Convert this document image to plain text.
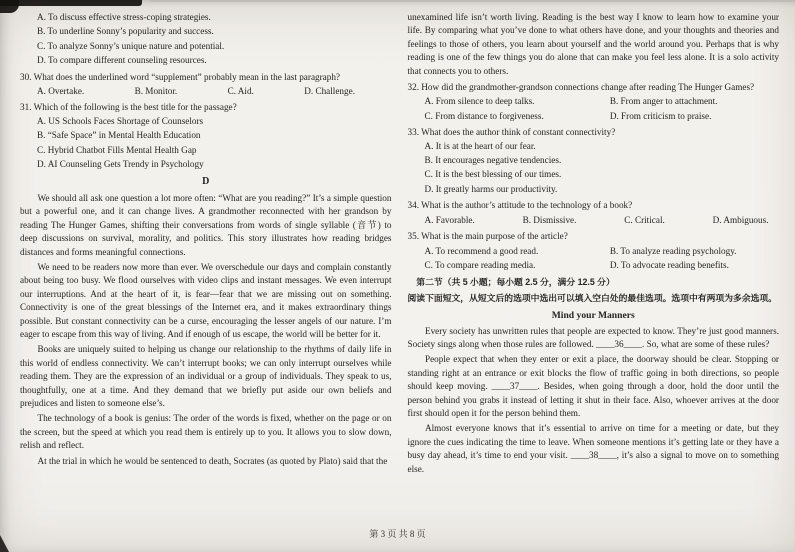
A. To discuss effective stress-coping strategies.
B. To underline Sonny’s popularity and success.
C. To analyze Sonny’s unique nature and potential.
D. To compare different counseling resources.
30. What does the underlined word “supplement” probably mean in the last paragraph?
A. Overtake.	B. Monitor.	C. Aid.	D. Challenge.
31. Which of the following is the best title for the passage?
A. US Schools Faces Shortage of Counselors
B. “Safe Space” in Mental Health Education
C. Hybrid Chatbot Fills Mental Health Gap
D. AI Counseling Gets Trendy in Psychology
D

We should all ask one question a lot more often: “What are you reading?” It’s a simple question but a powerful one, and it can change lives. A grandmother reconnected with her grandson by reading The Hunger Games, shifting their conversations from words of single syllable (音节) to deep discussions on survival, morality, and politics. This story illustrates how reading bridges distances and forms meaningful connections.

We need to be readers now more than ever. We overschedule our days and complain constantly about being too busy. We flood ourselves with video clips and instant messages. We even interrupt our interruptions. And at the heart of it, is fear—fear that we are missing out on something. Connectivity is one of the great blessings of the Internet era, and it makes extraordinary things possible. But constant connectivity can be a curse, encouraging the lesser angels of our nature. I’m eager to escape from this way of living. And if enough of us escape, the world will be better for it.

Books are uniquely suited to helping us change our relationship to the rhythms of daily life in this world of endless connectivity. We can’t interrupt books; we can only interrupt ourselves while reading them. They are the expression of an individual or a group of individuals. They speak to us, thoughtfully, one at a time. And they demand that we briefly put aside our own beliefs and prejudices and listen to someone else’s.

The technology of a book is genius: The order of the words is fixed, whether on the page or on the screen, but the speed at which you read them is entirely up to you. It allows you to slow down, relish and reflect.

At the trial in which he would be sentenced to death, Socrates (as quoted by Plato) said that the

unexamined life isn’t worth living. Reading is the best way I know to learn how to examine your life. By comparing what you’ve done to what others have done, and your thoughts and theories and feelings to those of others, you learn about yourself and the world around you. Perhaps that is why reading is one of the few things you do alone that can make you feel less alone. It is a solo activity that connects you to others.

32. How did the grandmother-grandson connections change after reading The Hunger Games?
A. From silence to deep talks.	B. From anger to attachment.
C. From distance to forgiveness.	D. From criticism to praise.
33. What does the author think of constant connectivity?
A. It is at the heart of our fear.
B. It encourages negative tendencies.
C. It is the best blessing of our times.
D. It greatly harms our productivity.
34. What is the author’s attitude to the technology of a book?
A. Favorable.	B. Dismissive.	C. Critical.	D. Ambiguous.
35. What is the main purpose of the article?
A. To recommend a good read.	B. To analyze reading psychology.
C. To compare reading media.	D. To advocate reading benefits.
第二节（共 5 小题；每小题 2.5 分，满分 12.5 分）
阅读下面短文，从短文后的选项中选出可以填入空白处的最佳选项。选项中有两项为多余选项。
Mind your Manners

Every society has unwritten rules that people are expected to know. They’re just good manners. Society sings along when those rules are followed. ____36____. So, what are some of these rules?

People expect that when they enter or exit a place, the doorway should be clear. Stopping or standing right at an entrance or exit blocks the flow of traffic going in both directions, so people should keep moving. ____37____. Besides, when going through a door, hold the door until the person behind you grabs it instead of letting it shut in their face. Also, whoever arrives at the door first should open it for the person behind them.

Almost everyone knows that it’s essential to arrive on time for a meeting or date, but they ignore the cues indicating the time to leave. When someone mentions it’s getting late or they have a busy day ahead, it’s time to end your visit. ____38____, it’s also a signal to move on to something else.

第 3 页 共 8 页
